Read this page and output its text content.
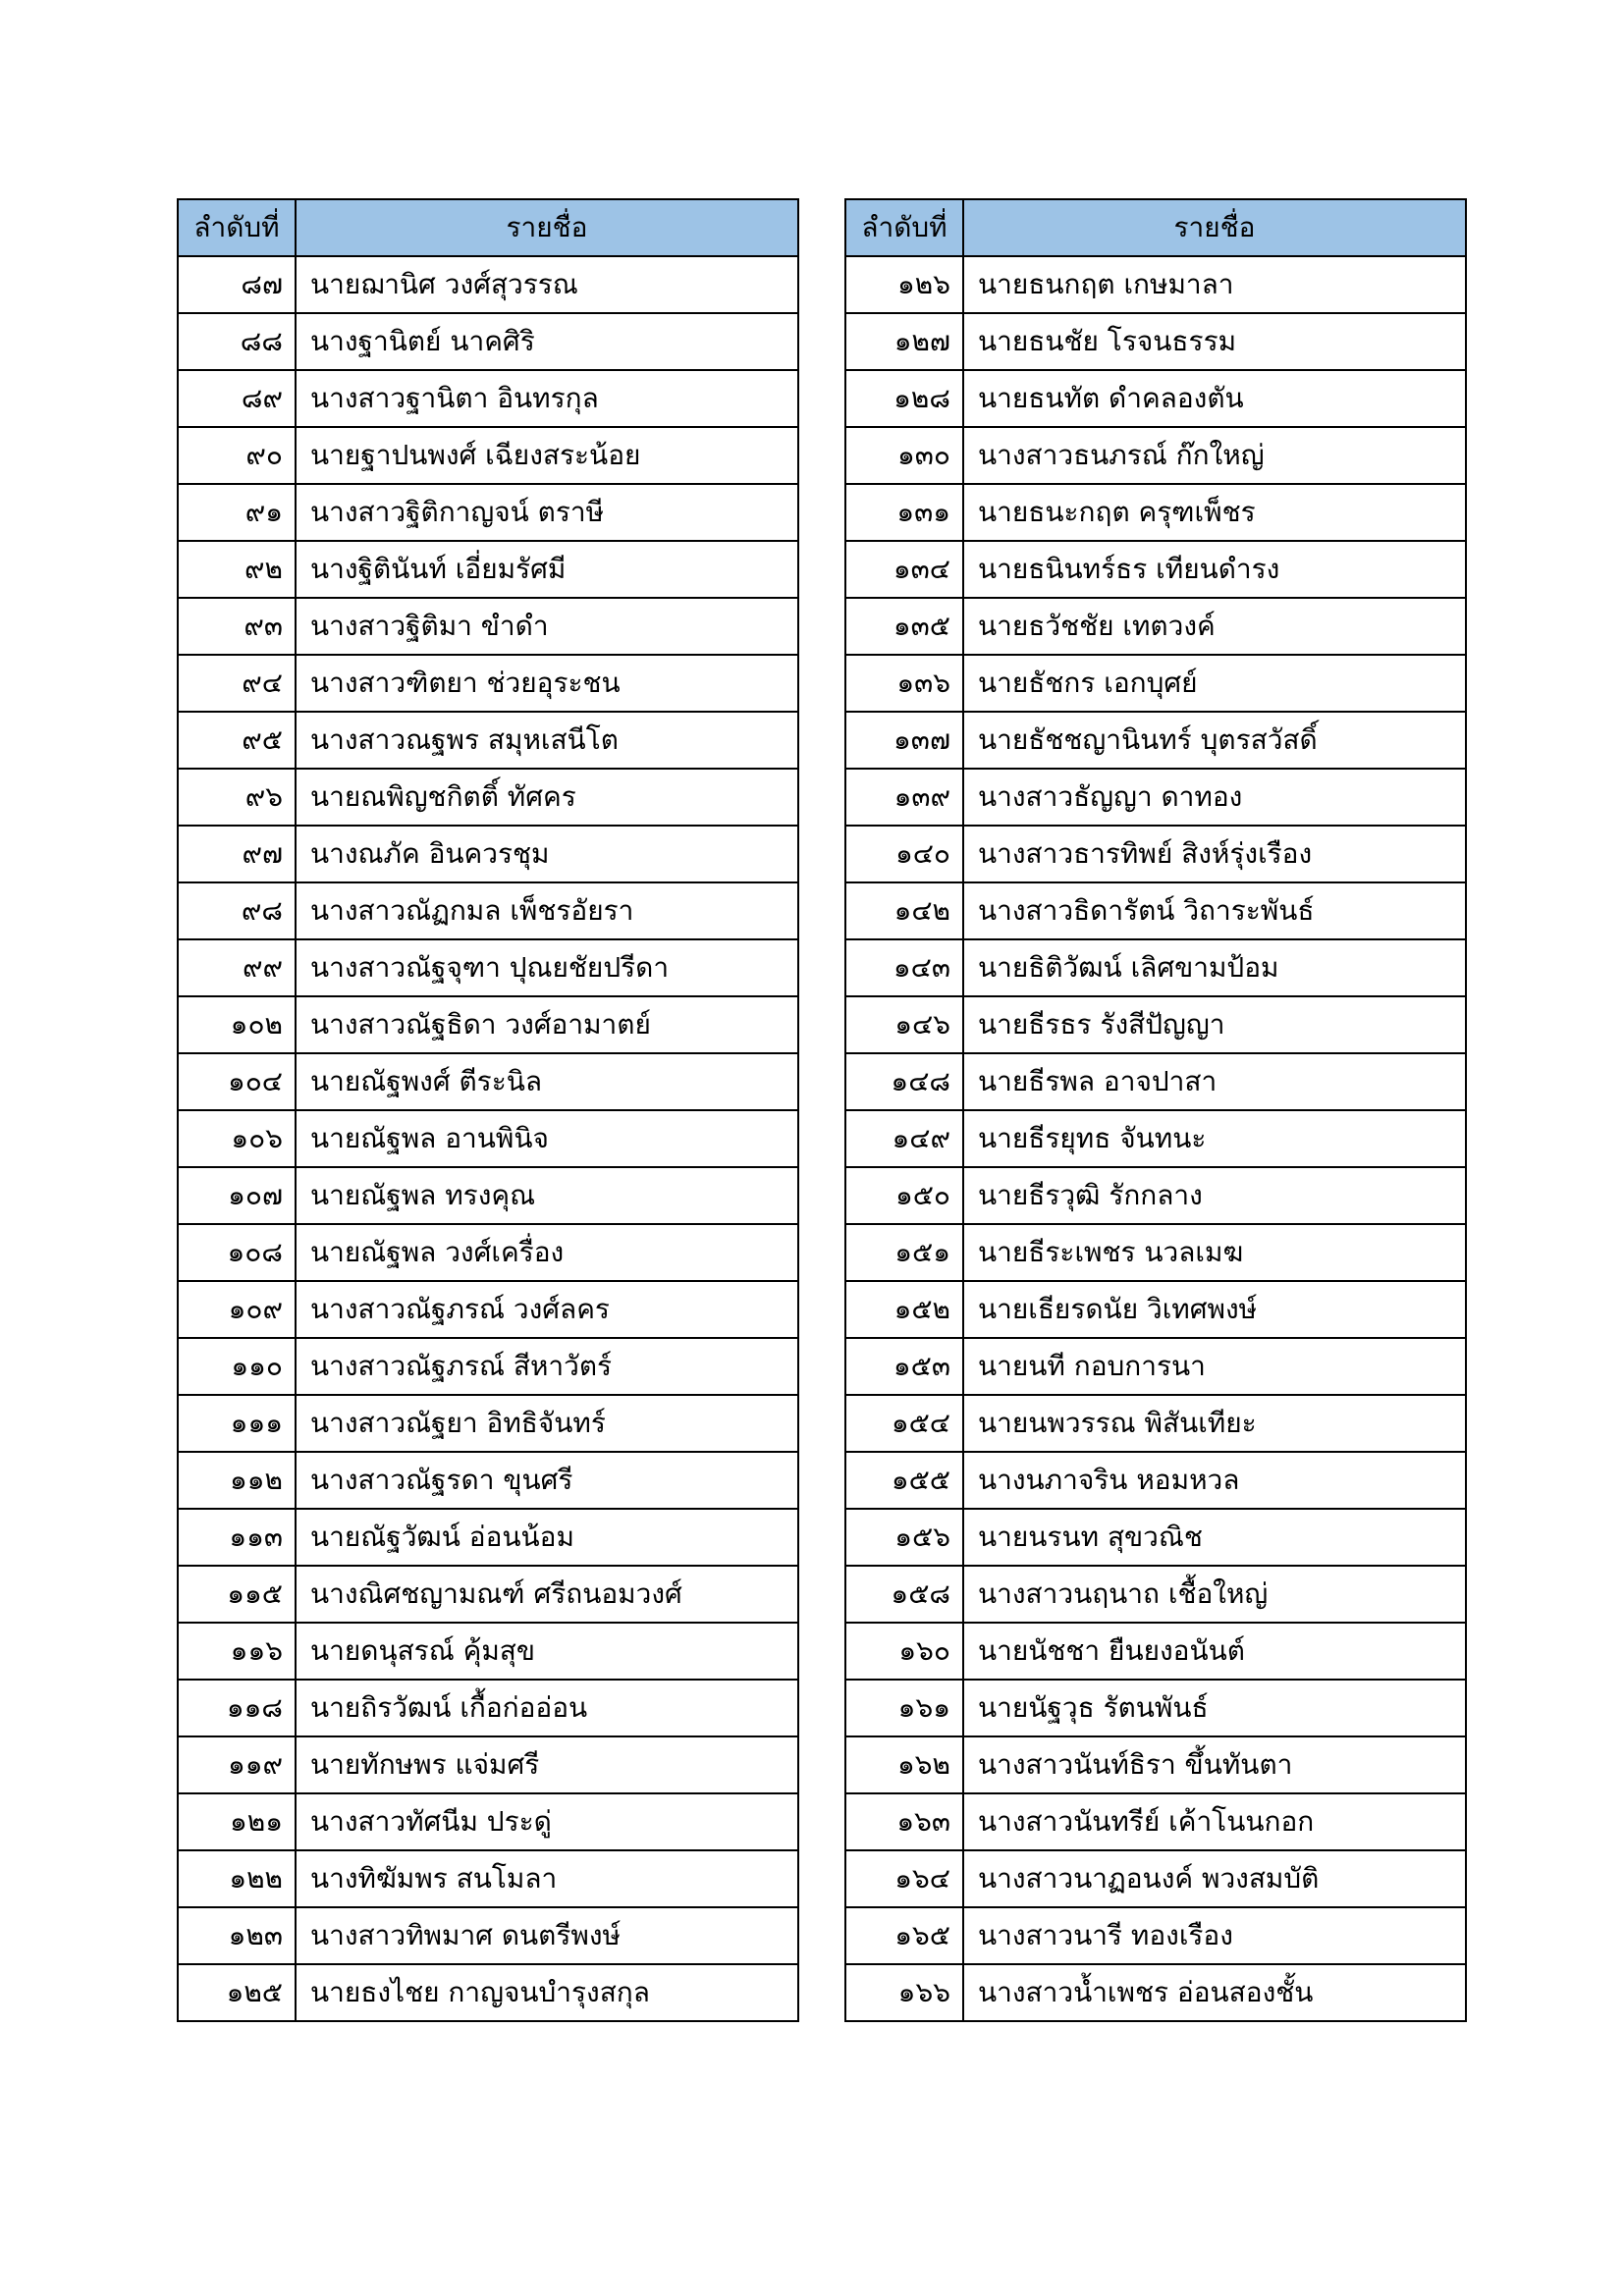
ลำดับที่	รายชื่อ
๘๗	นายฌานิศ วงศ์สุวรรณ
๘๘	นางฐานิตย์ นาคศิริ
๘๙	นางสาวฐานิตา อินทรกุล
๙๐	นายฐาปนพงศ์ เฉียงสระน้อย
๙๑	นางสาวฐิติกาญจน์ ตราษี
๙๒	นางฐิตินันท์ เอี่ยมรัศมี
๙๓	นางสาวฐิติมา ขำดำ
๙๔	นางสาวฑิตยา ช่วยอุระชน
๙๕	นางสาวณฐพร สมุหเสนีโต
๙๖	นายณพิญชกิตติ์ ทัศคร
๙๗	นางณภัค อินควรชุม
๙๘	นางสาวณัฏกมล เพ็ชรอัยรา
๙๙	นางสาวณัฐจุฑา ปุณยชัยปรีดา
๑๐๒	นางสาวณัฐธิดา วงศ์อามาตย์
๑๐๔	นายณัฐพงศ์ ตีระนิล
๑๐๖	นายณัฐพล อานพินิจ
๑๐๗	นายณัฐพล ทรงคุณ
๑๐๘	นายณัฐพล วงศ์เครื่อง
๑๐๙	นางสาวณัฐภรณ์ วงศ์ลคร
๑๑๐	นางสาวณัฐภรณ์ สีหาวัตร์
๑๑๑	นางสาวณัฐยา อิทธิจันทร์
๑๑๒	นางสาวณัฐรดา ขุนศรี
๑๑๓	นายณัฐวัฒน์ อ่อนน้อม
๑๑๕	นางณิศชญามณฑ์ ศรีถนอมวงศ์
๑๑๖	นายดนุสรณ์ คุ้มสุข
๑๑๘	นายถิรวัฒน์ เกื้อก่ออ่อน
๑๑๙	นายทักษพร แจ่มศรี
๑๒๑	นางสาวทัศนีม ประดู่
๑๒๒	นางทิฆัมพร สนโมลา
๑๒๓	นางสาวทิพมาศ ดนตรีพงษ์
๑๒๕	นายธงไชย กาญจนบำรุงสกุล
ลำดับที่	รายชื่อ
๑๒๖	นายธนกฤต เกษมาลา
๑๒๗	นายธนชัย โรจนธรรม
๑๒๘	นายธนทัต ดำคลองตัน
๑๓๐	นางสาวธนภรณ์ ก๊กใหญ่
๑๓๑	นายธนะกฤต ครุฑเพ็ชร
๑๓๔	นายธนินทร์ธร เทียนดำรง
๑๓๕	นายธวัชชัย เทตวงค์
๑๓๖	นายธัชกร เอกบุศย์
๑๓๗	นายธัชชญานินทร์ บุตรสวัสดิ์
๑๓๙	นางสาวธัญญา ดาทอง
๑๔๐	นางสาวธารทิพย์ สิงห์รุ่งเรือง
๑๔๒	นางสาวธิดารัตน์ วิถาระพันธ์
๑๔๓	นายธิติวัฒน์ เลิศขามป้อม
๑๔๖	นายธีรธร รังสีปัญญา
๑๔๘	นายธีรพล อาจปาสา
๑๔๙	นายธีรยุทธ จันทนะ
๑๕๐	นายธีรวุฒิ รักกลาง
๑๕๑	นายธีระเพชร นวลเมฆ
๑๕๒	นายเธียรดนัย วิเทศพงษ์
๑๕๓	นายนที กอบการนา
๑๕๔	นายนพวรรณ พิสันเทียะ
๑๕๕	นางนภาจริน หอมหวล
๑๕๖	นายนรนท สุขวณิช
๑๕๘	นางสาวนฤนาถ เชื้อใหญ่
๑๖๐	นายนัชชา ยืนยงอนันต์
๑๖๑	นายนัฐวุธ รัตนพันธ์
๑๖๒	นางสาวนันท์ธิรา ขึ้นทันตา
๑๖๓	นางสาวนันทรีย์ เค้าโนนกอก
๑๖๔	นางสาวนาฏอนงค์ พวงสมบัติ
๑๖๕	นางสาวนารี ทองเรือง
๑๖๖	นางสาวน้ำเพชร อ่อนสองชั้น
